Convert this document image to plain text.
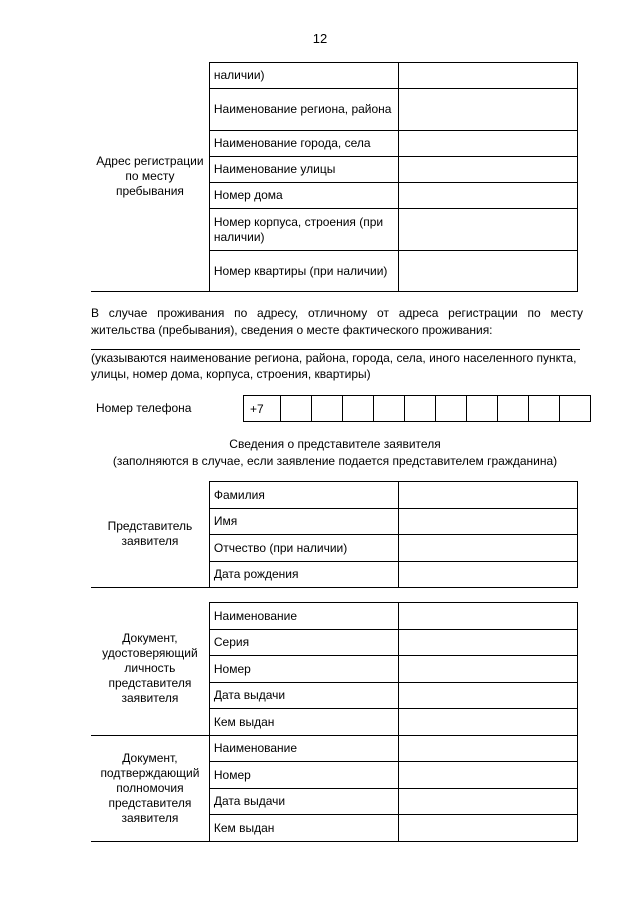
12
Адрес регистрации по месту пребывания	наличии)	
	Наименование региона, района	
	Наименование города, села	
	Наименование улицы	
	Номер дома	
	Номер корпуса, строения (при наличии)	
	Номер квартиры (при наличии)	
В случае проживания по адресу, отличному от адреса регистрации по месту жительства (пребывания), сведения о месте фактического проживания:
(указываются наименование региона, района, города, села, иного населенного пункта, улицы, номер дома, корпуса, строения, квартиры)
Номер телефона	+7										
Сведения о представителе заявителя
(заполняются в случае, если заявление подается представителем гражданина)
Представитель заявителя	Фамилия	
	Имя	
	Отчество (при наличии)	
	Дата рождения	
Документ, удостоверяющий личность представителя заявителя	Наименование	
	Серия	
	Номер	
	Дата выдачи	
	Кем выдан	
Документ, подтверждающий полномочия представителя заявителя	Наименование	
	Номер	
	Дата выдачи	
	Кем выдан	
